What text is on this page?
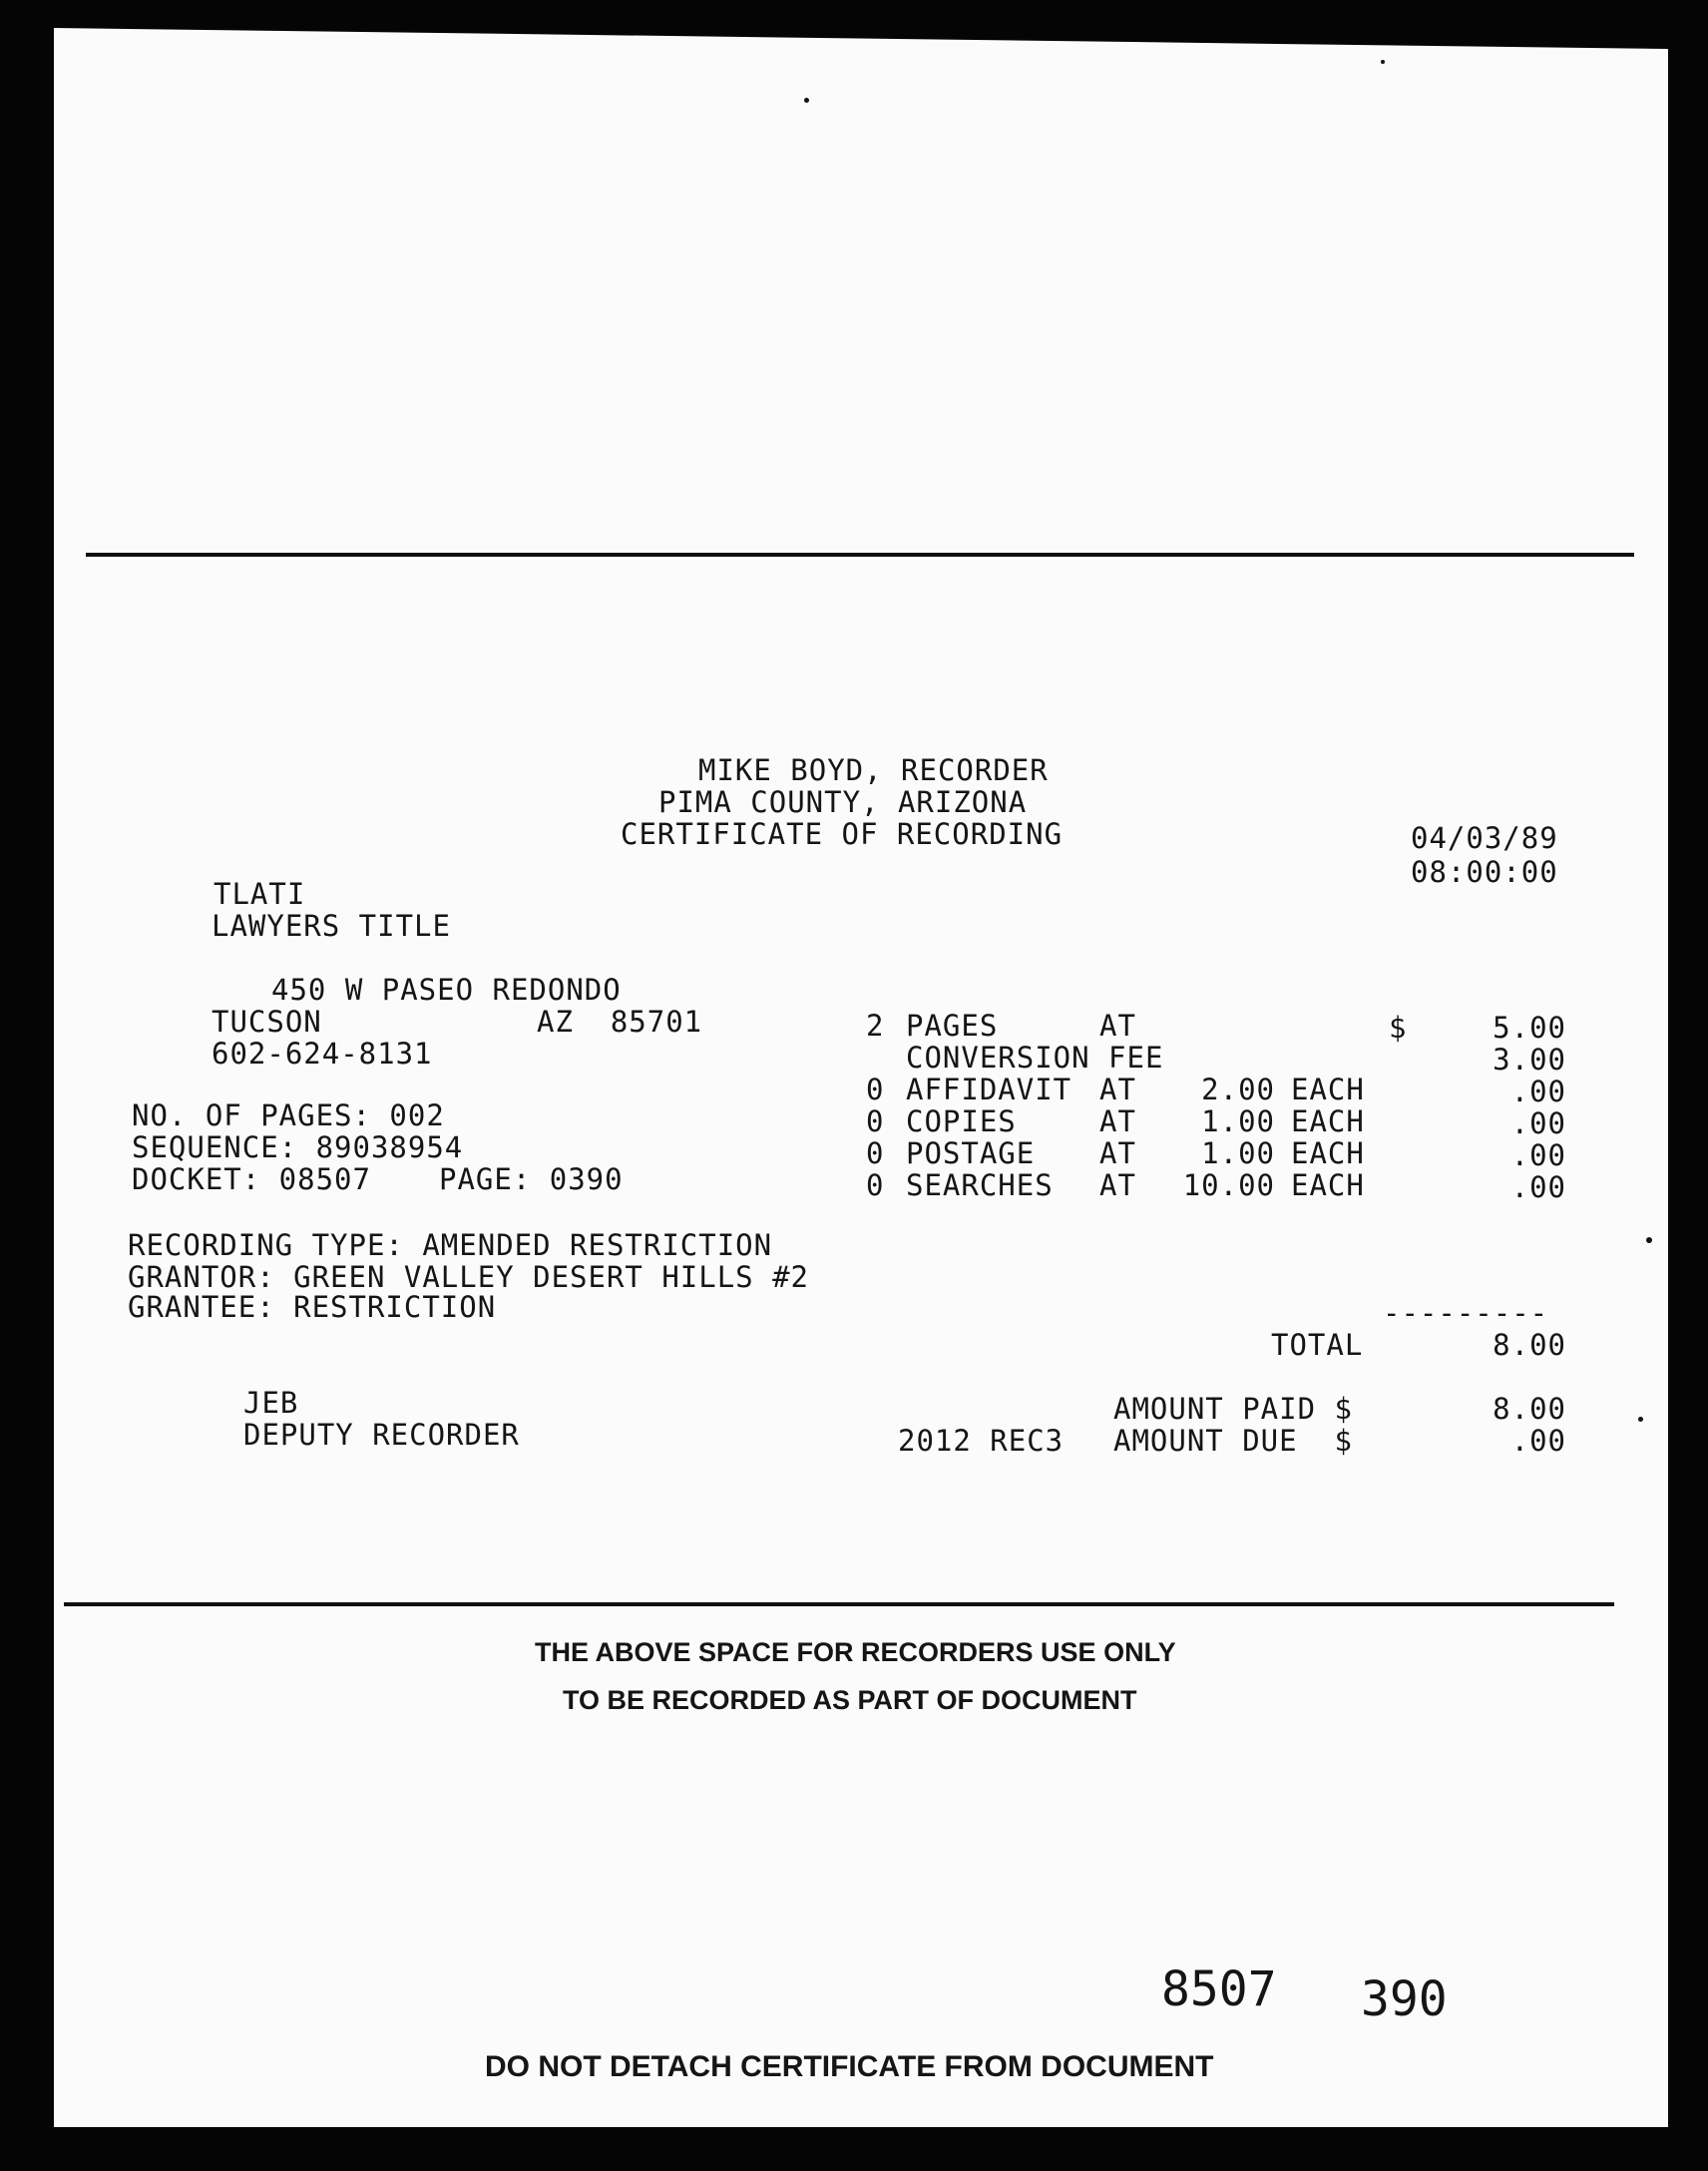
MIKE BOYD, RECORDER
PIMA COUNTY, ARIZONA
CERTIFICATE OF RECORDING	04/03/89
08:00:00
TLATI
LAWYERS TITLE
450 W PASEO REDONDO
TUCSON	AZ  85701
602-624-8131
NO. OF PAGES: 002
SEQUENCE: 89038954
DOCKET: 08507 PAGE: 0390
RECORDING TYPE: AMENDED RESTRICTION
GRANTOR: GREEN VALLEY DESERT HILLS #2
GRANTEE: RESTRICTION
2 PAGES	AT	$	5.00
CONVERSION FEE	3.00
0 AFFIDAVIT AT	2.00 EACH	.00
0 COPIES	AT	1.00 EACH	.00
0 POSTAGE AT	1.00 EACH	.00
0 SEARCHES AT 10.00 EACH	.00
---------
TOTAL	8.00
AMOUNT PAID $	8.00
2012 REC3 AMOUNT DUE  $	.00
JEB
DEPUTY RECORDER
THE ABOVE SPACE FOR RECORDERS USE ONLY
TO BE RECORDED AS PART OF DOCUMENT
8507 390
DO NOT DETACH CERTIFICATE FROM DOCUMENT
